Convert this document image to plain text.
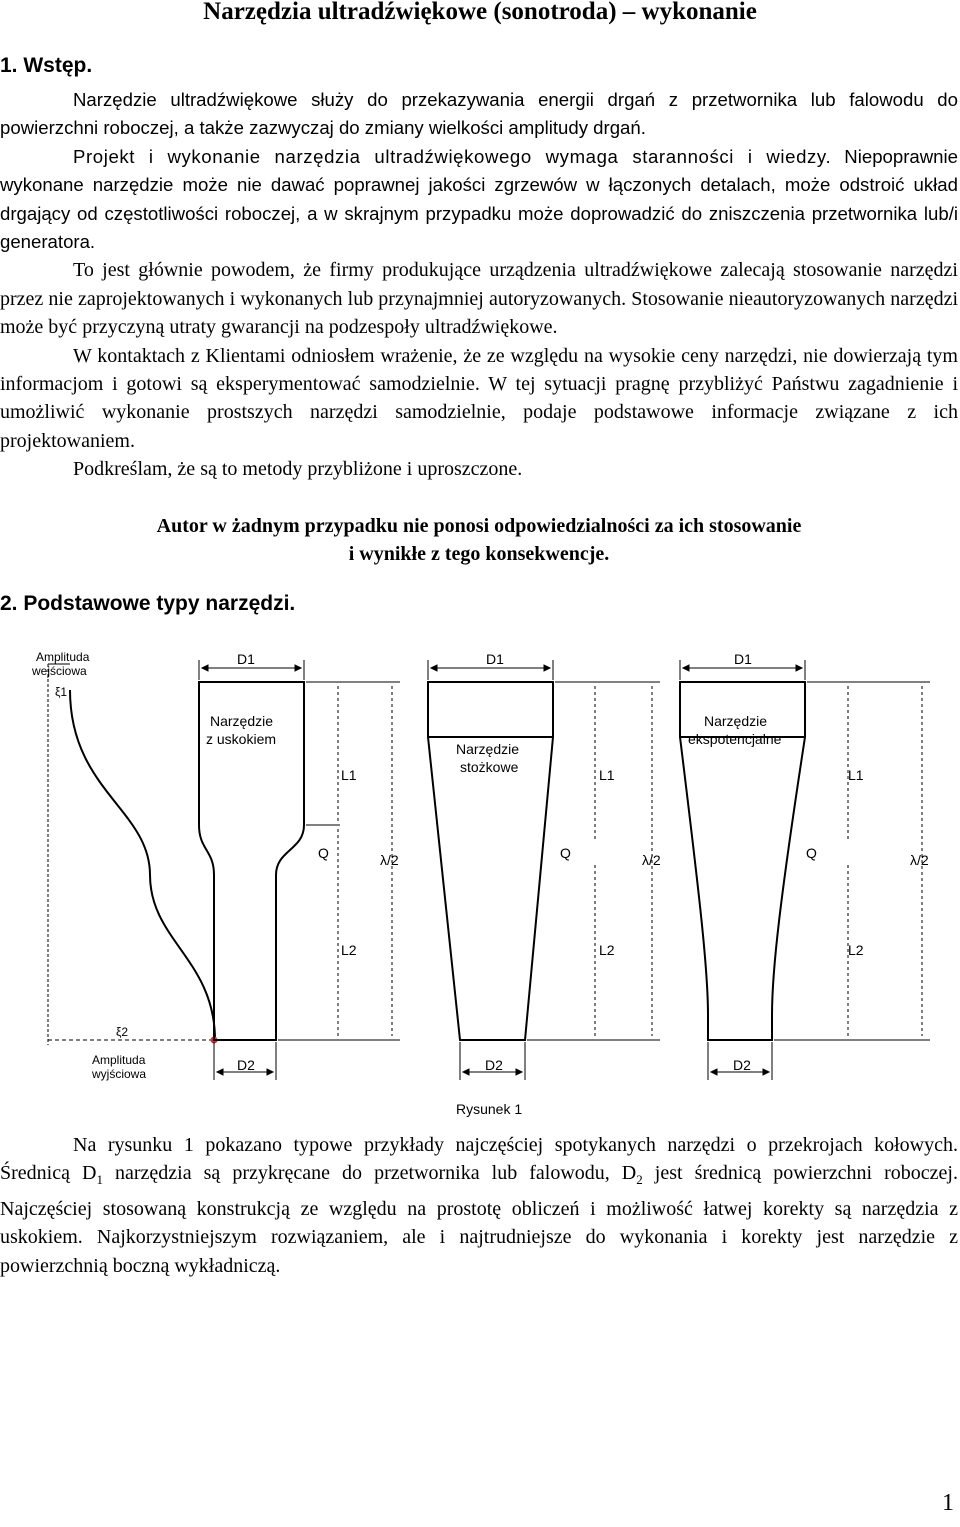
Narzędzia ultradźwiękowe (sonotroda) – wykonanie
1. Wstęp.

Narzędzie ultradźwiękowe służy do przekazywania energii drgań z przetwornika lub falowodu do powierzchni roboczej, a także zazwyczaj do zmiany wielkości amplitudy drgań.

Projekt i wykonanie narzędzia ultradźwiękowego wymaga staranności i wiedzy. Niepoprawnie wykonane narzędzie może nie dawać poprawnej jakości zgrzewów w łączonych detalach, może odstroić układ drgający od częstotliwości roboczej, a w skrajnym przypadku może doprowadzić do zniszczenia przetwornika lub/i generatora.

To jest głównie powodem, że firmy produkujące urządzenia ultradźwiękowe zalecają stosowanie narzędzi przez nie zaprojektowanych i wykonanych lub przynajmniej autoryzowanych. Stosowanie nieautoryzowanych narzędzi może być przyczyną utraty gwarancji na podzespoły ultradźwiękowe.

W kontaktach z Klientami odniosłem wrażenie, że ze względu na wysokie ceny narzędzi, nie dowierzają tym informacjom i gotowi są eksperymentować samodzielnie. W tej sytuacji pragnę przybliżyć Państwu zagadnienie i umożliwić wykonanie prostszych narzędzi samodzielnie, podaje podstawowe informacje związane z ich projektowaniem.

Podkreślam, że są to metody przybliżone i uproszczone.

Autor w żadnym przypadku nie ponosi odpowiedzialności za ich stosowanie
i wynikłe z tego konsekwencje.
2. Podstawowe typy narzędzi.
Amplituda
wejściowa
ξ1
ξ2
Amplituda
wyjściowa
D1
D2
L1
L2
Q	λ/2
Narzędzie
z uskokiem
D1
D2
L1
L2
Q	λ/2
Narzędzie
stożkowe
D1
D2
L1
L2
Q	λ/2
Narzędzie
ekspotencjalne
Rysunek 1

Na rysunku 1 pokazano typowe przykłady najczęściej spotykanych narzędzi o przekrojach kołowych. Średnicą $D_1$ narzędzia są przykręcane do przetwornika lub falowodu, $D_2$ jest średnicą powierzchni roboczej. Najczęściej stosowaną konstrukcją ze względu na prostotę obliczeń i możliwość łatwej korekty są narzędzia z uskokiem. Najkorzystniejszym rozwiązaniem, ale i najtrudniejsze do wykonania i korekty jest narzędzie z powierzchnią boczną wykładniczą.

1
